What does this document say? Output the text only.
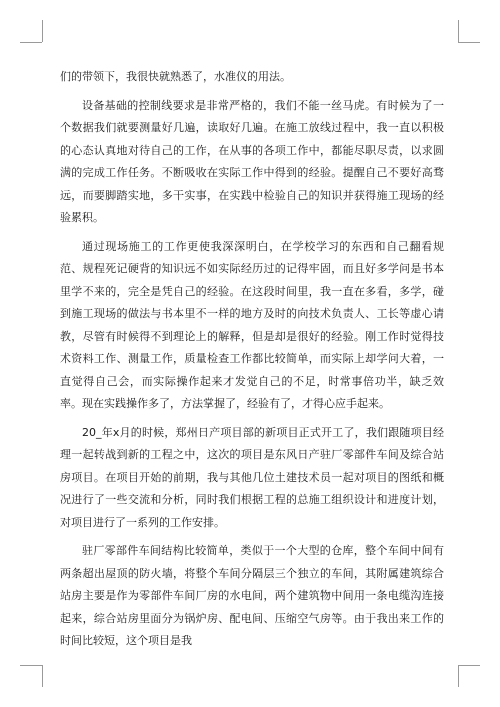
们的带领下，我很快就熟悉了，水准仪的用法。

设备基础的控制线要求是非常严格的，我们不能一丝马虎。有时候为了一个数据我们就要测量好几遍，读取好几遍。在施工放线过程中，我一直以积极的心态认真地对待自己的工作，在从事的各项工作中，都能尽职尽责，以求圆满的完成工作任务。不断吸收在实际工作中得到的经验。提醒自己不要好高骛远，而要脚踏实地，多干实事，在实践中检验自己的知识并获得施工现场的经验累积。

通过现场施工的工作更使我深深明白，在学校学习的东西和自己翻看规范、规程死记硬背的知识远不如实际经历过的记得牢固，而且好多学问是书本里学不来的，完全是凭自己的经验。在这段时间里，我一直在多看，多学，碰到施工现场的做法与书本里不一样的地方及时的向技术负责人、工长等虚心请教，尽管有时候得不到理论上的解释，但是却是很好的经验。刚工作时觉得技术资料工作、测量工作，质量检查工作都比较简单，而实际上却学问大着，一直觉得自己会，而实际操作起来才发觉自己的不足，时常事倍功半，缺乏效率。现在实践操作多了，方法掌握了，经验有了，才得心应手起来。

20_年x月的时候，郑州日产项目部的新项目正式开工了，我们跟随项目经理一起转战到新的工程之中，这次的项目是东风日产驻厂零部件车间及综合站房项目。在项目开始的前期，我与其他几位土建技术员一起对项目的图纸和概况进行了一些交流和分析，同时我们根据工程的总施工组织设计和进度计划，对项目进行了一系列的工作安排。

驻厂零部件车间结构比较简单，类似于一个大型的仓库，整个车间中间有两条超出屋顶的防火墙，将整个车间分隔层三个独立的车间，其附属建筑综合站房主要是作为零部件车间厂房的水电间，两个建筑物中间用一条电缆沟连接起来，综合站房里面分为锅炉房、配电间、压缩空气房等。由于我出来工作的时间比较短，这个项目是我
